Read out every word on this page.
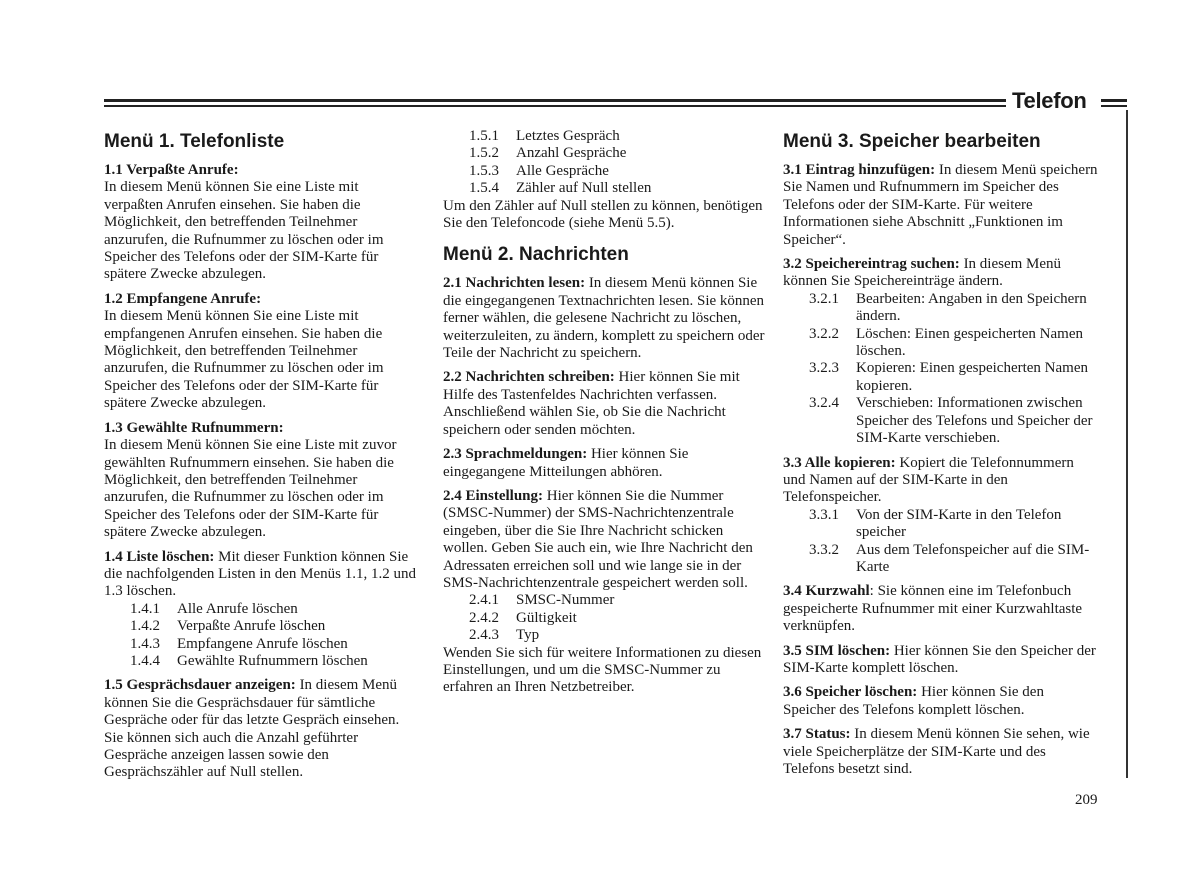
Telefon
Menü 1. Telefonliste
1.1 Verpaßte Anrufe:
In diesem Menü können Sie eine Liste mit verpaßten Anrufen einsehen. Sie haben die Möglichkeit, den betreffenden Teilnehmer anzurufen, die Rufnummer zu löschen oder im Speicher des Telefons oder der SIM-Karte für spätere Zwecke abzulegen.
1.2 Empfangene Anrufe:
In diesem Menü können Sie eine Liste mit empfangenen Anrufen einsehen. Sie haben die Möglichkeit, den betreffenden Teilnehmer anzurufen, die Rufnummer zu löschen oder im Speicher des Telefons oder der SIM-Karte für spätere Zwecke abzulegen.
1.3 Gewählte Rufnummern:
In diesem Menü können Sie eine Liste mit zuvor gewählten Rufnummern einsehen. Sie haben die Möglichkeit, den betreffenden Teilnehmer anzurufen, die Rufnummer zu löschen oder im Speicher des Telefons oder der SIM-Karte für spätere Zwecke abzulegen.
1.4 Liste löschen: Mit dieser Funktion können Sie die nachfolgenden Listen in den Menüs 1.1, 1.2 und 1.3 löschen.
1.4.1	Alle Anrufe löschen
1.4.2	Verpaßte Anrufe löschen
1.4.3	Empfangene Anrufe löschen
1.4.4	Gewählte Rufnummern löschen
1.5 Gesprächsdauer anzeigen: In diesem Menü können Sie die Gesprächsdauer für sämtliche Gespräche oder für das letzte Gespräch einsehen. Sie können sich auch die Anzahl geführter Gespräche anzeigen lassen sowie den Gesprächszähler auf Null stellen.
1.5.1	Letztes Gespräch
1.5.2	Anzahl Gespräche
1.5.3	Alle Gespräche
1.5.4	Zähler auf Null stellen
Um den Zähler auf Null stellen zu können, benötigen Sie den Telefoncode (siehe Menü 5.5).
Menü 2. Nachrichten
2.1 Nachrichten lesen: In diesem Menü können Sie die eingegangenen Textnachrichten lesen. Sie können ferner wählen, die gelesene Nachricht zu löschen, weiterzuleiten, zu ändern, komplett zu speichern oder Teile der Nachricht zu speichern.
2.2 Nachrichten schreiben: Hier können Sie mit Hilfe des Tastenfeldes Nachrichten verfassen. Anschließend wählen Sie, ob Sie die Nachricht speichern oder senden möchten.
2.3 Sprachmeldungen: Hier können Sie eingegangene Mitteilungen abhören.
2.4 Einstellung: Hier können Sie die Nummer (SMSC-Nummer) der SMS-Nachrichtenzentrale eingeben, über die Sie Ihre Nachricht schicken wollen. Geben Sie auch ein, wie Ihre Nachricht den Adressaten erreichen soll und wie lange sie in der SMS-Nachrichtenzentrale gespeichert werden soll.
2.4.1	SMSC-Nummer
2.4.2	Gültigkeit
2.4.3	Typ
Wenden Sie sich für weitere Informationen zu diesen Einstellungen, und um die SMSC-Nummer zu erfahren an Ihren Netzbetreiber.
Menü 3. Speicher bearbeiten
3.1 Eintrag hinzufügen: In diesem Menü speichern Sie Namen und Rufnummern im Speicher des Telefons oder der SIM-Karte. Für weitere Informationen siehe Abschnitt „Funktionen im Speicher“.
3.2 Speichereintrag suchen: In diesem Menü können Sie Speichereinträge ändern.
3.2.1	Bearbeiten: Angaben in den Speichern ändern.
3.2.2	Löschen: Einen gespeicherten Namen löschen.
3.2.3	Kopieren: Einen gespeicherten Namen kopieren.
3.2.4	Verschieben: Informationen zwischen Speicher des Telefons und Speicher der SIM-Karte verschieben.
3.3 Alle kopieren: Kopiert die Telefonnummern und Namen auf der SIM-Karte in den Telefonspeicher.
3.3.1	Von der SIM-Karte in den Telefon speicher
3.3.2	Aus dem Telefonspeicher auf die SIM-Karte
3.4 Kurzwahl: Sie können eine im Telefonbuch gespeicherte Rufnummer mit einer Kurzwahltaste verknüpfen.
3.5 SIM löschen: Hier können Sie den Speicher der SIM-Karte komplett löschen.
3.6 Speicher löschen: Hier können Sie den Speicher des Telefons komplett löschen.
3.7 Status: In diesem Menü können Sie sehen, wie viele Speicherplätze der SIM-Karte und des Telefons besetzt sind.
209
